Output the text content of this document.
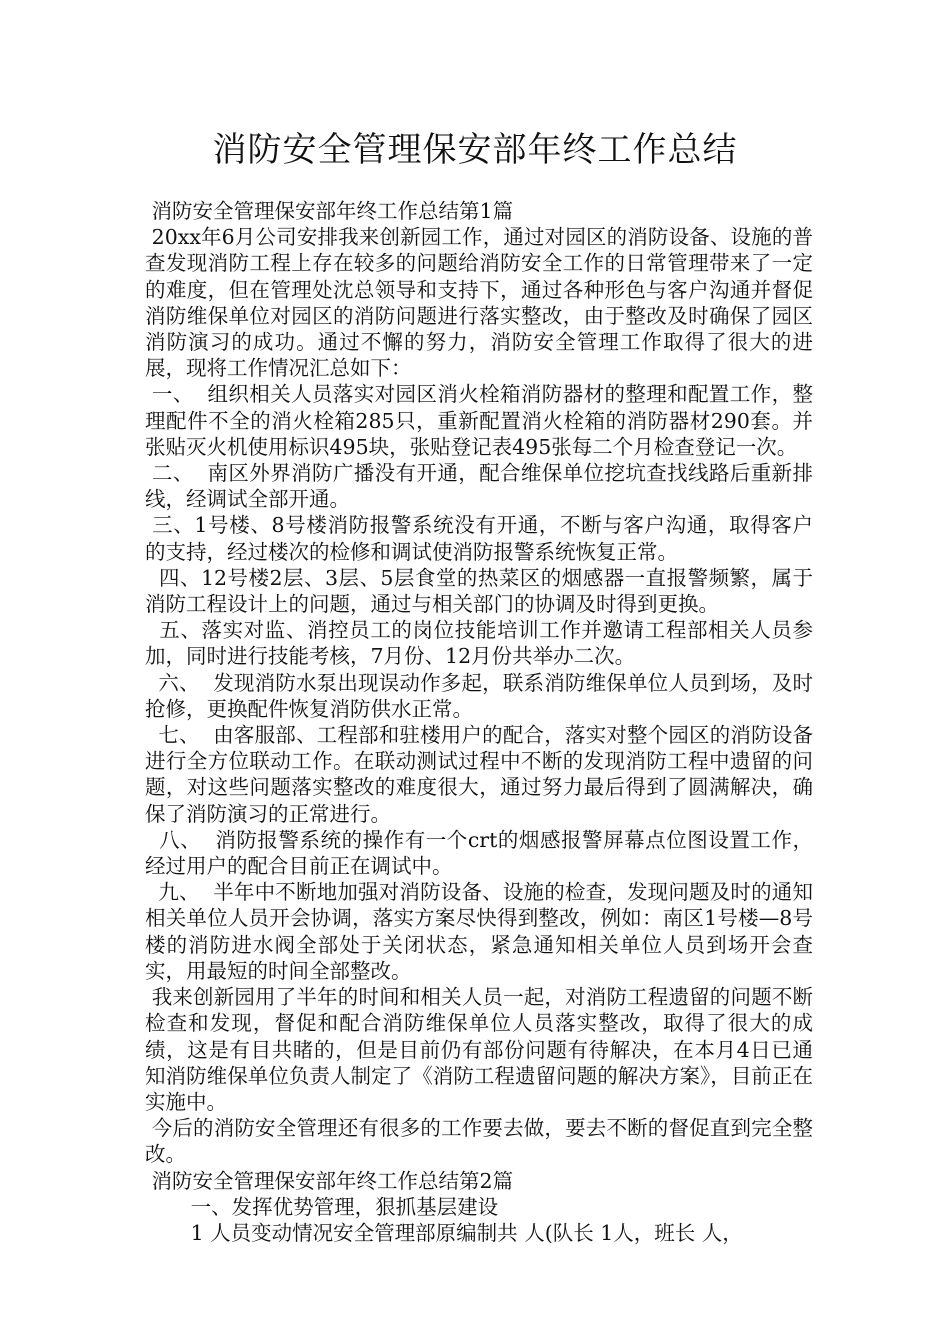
消防安全管理保安部年终工作总结

消防安全管理保安部年终工作总结第1篇

20xx年6月公司安排我来创新园工作，通过对园区的消防设备、设施的普查发现消防工程上存在较多的问题给消防安全工作的日常管理带来了一定的难度，但在管理处沈总领导和支持下，通过各种形色与客户沟通并督促消防维保单位对园区的消防问题进行落实整改，由于整改及时确保了园区消防演习的成功。通过不懈的努力，消防安全管理工作取得了很大的进展，现将工作情况汇总如下：

一、  组织相关人员落实对园区消火栓箱消防器材的整理和配置工作，整理配件不全的消火栓箱285只，重新配置消火栓箱的消防器材290套。并张贴灭火机使用标识495块，张贴登记表495张每二个月检查登记一次。

二、  南区外界消防广播没有开通，配合维保单位挖坑查找线路后重新排线，经调试全部开通。

三、1号楼、8号楼消防报警系统没有开通，不断与客户沟通，取得客户的支持，经过楼次的检修和调试使消防报警系统恢复正常。

四、12号楼2层、3层、5层食堂的热菜区的烟感器一直报警频繁，属于消防工程设计上的问题，通过与相关部门的协调及时得到更换。

五、落实对监、消控员工的岗位技能培训工作并邀请工程部相关人员参加，同时进行技能考核，7月份、12月份共举办二次。

六、  发现消防水泵出现误动作多起，联系消防维保单位人员到场，及时抢修，更换配件恢复消防供水正常。

七、  由客服部、工程部和驻楼用户的配合，落实对整个园区的消防设备进行全方位联动工作。在联动测试过程中不断的发现消防工程中遗留的问题，对这些问题落实整改的难度很大，通过努力最后得到了圆满解决，确保了消防演习的正常进行。

八、  消防报警系统的操作有一个crt的烟感报警屏幕点位图设置工作，经过用户的配合目前正在调试中。

九、  半年中不断地加强对消防设备、设施的检查，发现问题及时的通知相关单位人员开会协调，落实方案尽快得到整改，例如：南区1号楼—8号楼的消防进水阀全部处于关闭状态，紧急通知相关单位人员到场开会查实，用最短的时间全部整改。

我来创新园用了半年的时间和相关人员一起，对消防工程遗留的问题不断检查和发现，督促和配合消防维保单位人员落实整改，取得了很大的成绩，这是有目共睹的，但是目前仍有部份问题有待解决，在本月4日已通知消防维保单位负责人制定了《消防工程遗留问题的解决方案》，目前正在实施中。

今后的消防安全管理还有很多的工作要去做，要去不断的督促直到完全整改。

消防安全管理保安部年终工作总结第2篇

一、发挥优势管理，狠抓基层建设

1 人员变动情况安全管理部原编制共 人(队长 1人，班长 人，
